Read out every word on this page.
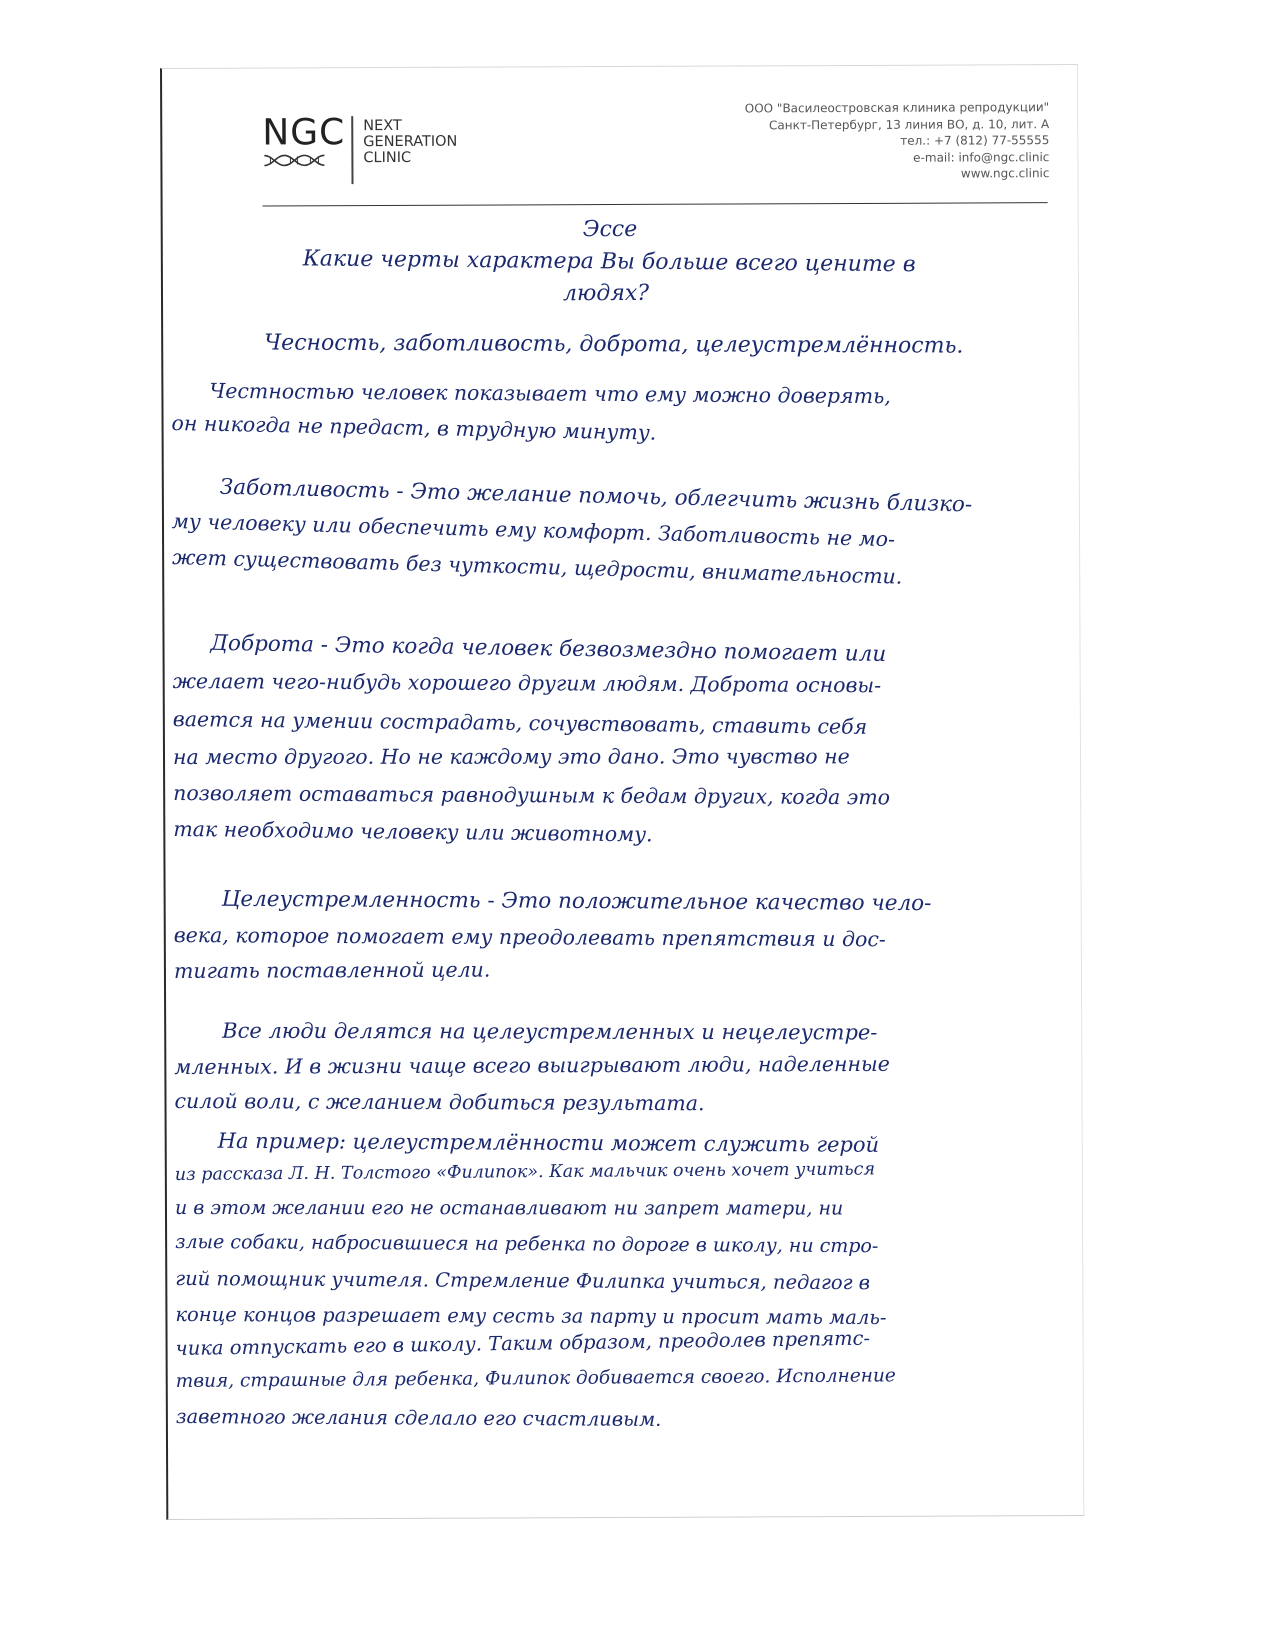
NGC NEXT
GENERATION
CLINIC
ООО "Василеостровская клиника репродукции"
Санкт-Петербург, 13 линия ВО, д. 10, лит. А
тел.: +7 (812) 77-55555
e-mail: info@ngc.clinic
www.ngc.clinic

Эссе

Какие черты характера Вы больше всего цените в

людях?

Чесность, заботливость, доброта, целеустремлённость.

Честностью человек показывает что ему можно доверять,

он никогда не предаст, в трудную минуту.

Заботливость - Это желание помочь, облегчить жизнь близко-

му человеку или обеспечить ему комфорт. Заботливость не мо-

жет существовать без чуткости, щедрости, внимательности.

Доброта - Это когда человек безвозмездно помогает или

желает чего-нибудь хорошего другим людям. Доброта основы-

вается на умении сострадать, сочувствовать, ставить себя

на место другого. Но не каждому это дано. Это чувство не

позволяет оставаться равнодушным к бедам других, когда это

так необходимо человеку или животному.

Целеустремленность - Это положительное качество чело-

века, которое помогает ему преодолевать препятствия и дос-

тигать поставленной цели.

Все люди делятся на целеустремленных и нецелеустре-

мленных. И в жизни чаще всего выигрывают люди, наделенные

силой воли, с желанием добиться результата.

На пример: целеустремлённости может служить герой

из рассказа Л. Н. Толстого «Филипок». Как мальчик очень хочет учиться

и в этом желании его не останавливают ни запрет матери, ни

злые собаки, набросившиеся на ребенка по дороге в школу, ни стро-

гий помощник учителя. Стремление Филипка учиться, педагог в

конце концов разрешает ему сесть за парту и просит мать маль-

чика отпускать его в школу. Таким образом, преодолев препятс-

твия, страшные для ребенка, Филипок добивается своего. Исполнение

заветного желания сделало его счастливым.
